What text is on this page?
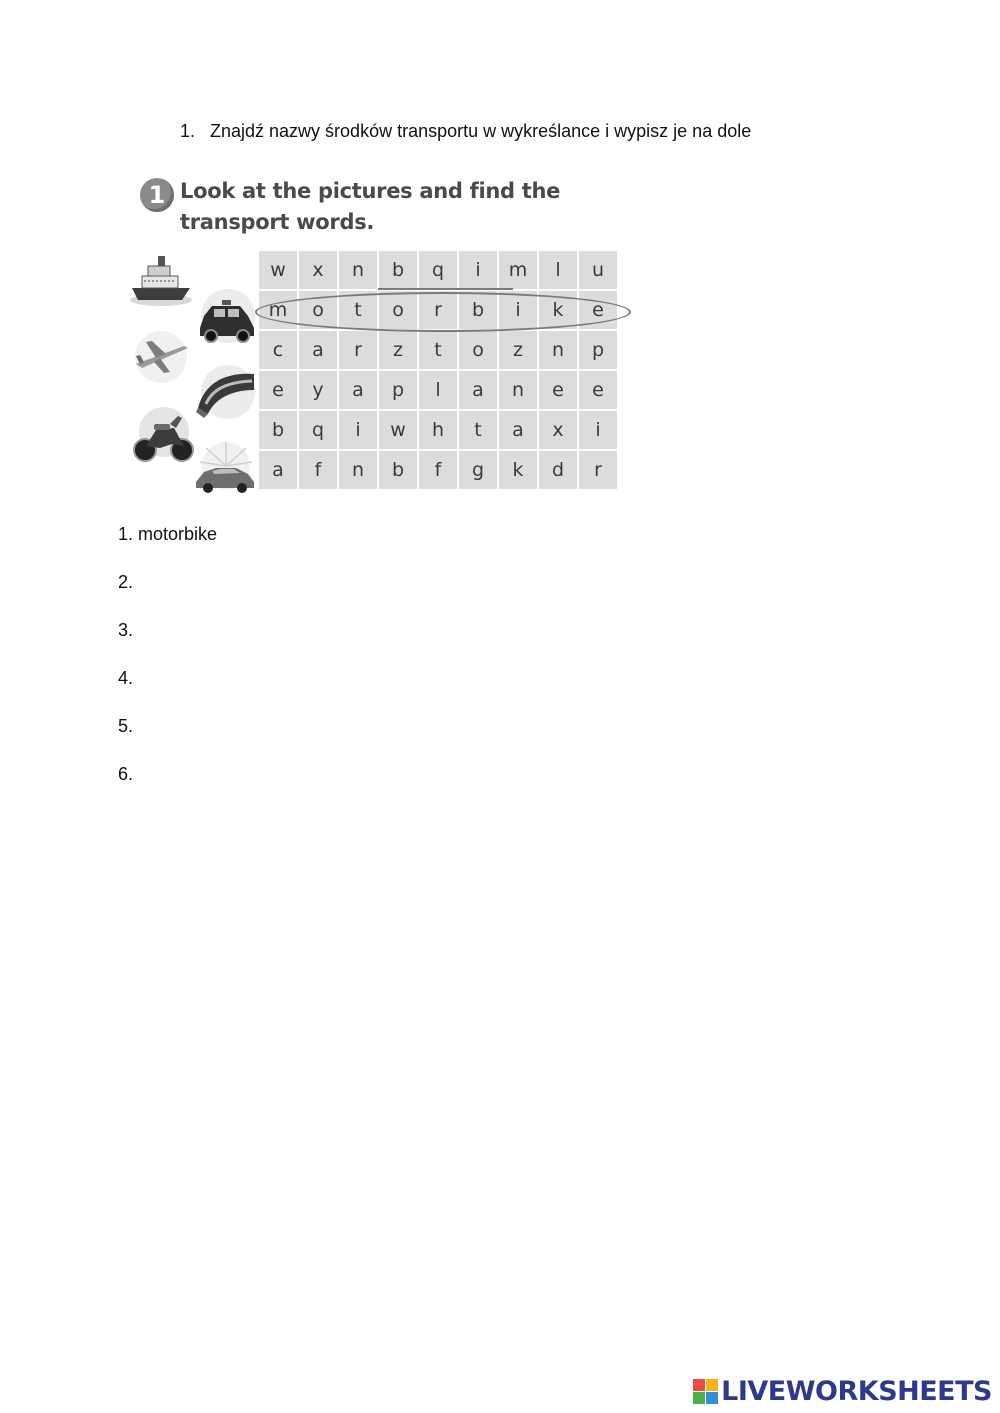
1. Znajdź nazwy środków transportu w wykreślance i wypisz je na dole
1 Look at the pictures and find the
transport words.
w	x	n	b	q	i	m	l	u
m	o	t	o	r	b	i	k	e
c	a	r	z	t	o	z	n	p
e	y	a	p	l	a	n	e	e
b	q	i	w	h	t	a	x	i
a	f	n	b	f	g	k	d	r
1. motorbike
2.
3.
4.
5.
6.
LIVEWORKSHEETS
